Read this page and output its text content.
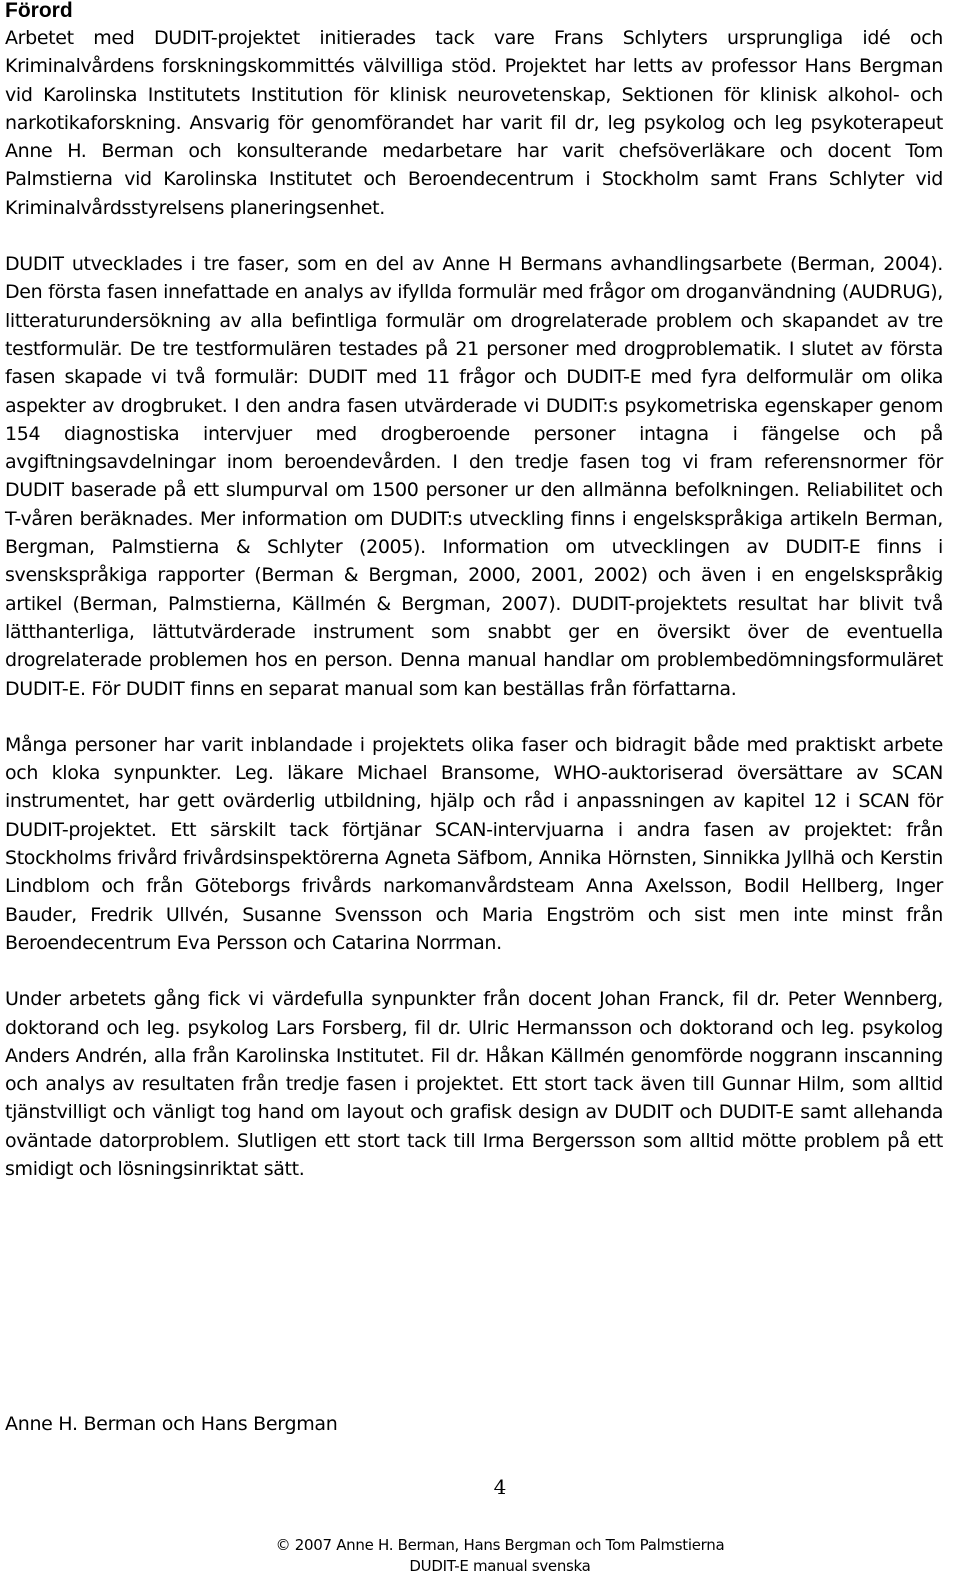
Förord

Arbetet med DUDIT-projektet initierades tack vare Frans Schlyters ursprungliga idé och Kriminalvårdens forskningskommittés välvilliga stöd. Projektet har letts av professor Hans Bergman vid Karolinska Institutets Institution för klinisk neurovetenskap, Sektionen för klinisk alkohol- och narkotikaforskning. Ansvarig för genomförandet har varit fil dr, leg psykolog och leg psykoterapeut Anne H. Berman och konsulterande medarbetare har varit chefsöverläkare och docent Tom Palmstierna vid Karolinska Institutet och Beroendecentrum i Stockholm samt Frans Schlyter vid Kriminalvårdsstyrelsens planeringsenhet.

DUDIT utvecklades i tre faser, som en del av Anne H Bermans avhandlingsarbete (Berman, 2004). Den första fasen innefattade en analys av ifyllda formulär med frågor om droganvändning (AUDRUG), litteraturundersökning av alla befintliga formulär om drogrelaterade problem och skapandet av tre testformulär. De tre testformulären testades på 21 personer med drogproblematik. I slutet av första fasen skapade vi två formulär: DUDIT med 11 frågor och DUDIT-E med fyra delformulär om olika aspekter av drogbruket. I den andra fasen utvärderade vi DUDIT:s psykometriska egenskaper genom 154 diagnostiska intervjuer med drogberoende personer intagna i fängelse och på avgiftningsavdelningar inom beroendevården. I den tredje fasen tog vi fram referensnormer för DUDIT baserade på ett slumpurval om 1500 personer ur den allmänna befolkningen. Reliabilitet och T-våren beräknades. Mer information om DUDIT:s utveckling finns i engelskspråkiga artikeln Berman, Bergman, Palmstierna & Schlyter (2005). Information om utvecklingen av DUDIT-E finns i svenskspråkiga rapporter (Berman & Bergman, 2000, 2001, 2002) och även i en engelskspråkig artikel (Berman, Palmstierna, Källmén & Bergman, 2007). DUDIT-projektets resultat har blivit två lätthanterliga, lättutvärderade instrument som snabbt ger en översikt över de eventuella drogrelaterade problemen hos en person. Denna manual handlar om problembedömningsformuläret DUDIT-E. För DUDIT finns en separat manual som kan beställas från författarna.

Många personer har varit inblandade i projektets olika faser och bidragit både med praktiskt arbete och kloka synpunkter. Leg. läkare Michael Bransome, WHO-auktoriserad översättare av SCAN instrumentet, har gett ovärderlig utbildning, hjälp och råd i anpassningen av kapitel 12 i SCAN för DUDIT-projektet. Ett särskilt tack förtjänar SCAN-intervjuarna i andra fasen av projektet: från Stockholms frivård frivårdsinspektörerna Agneta Säfbom, Annika Hörnsten, Sinnikka Jyllhä och Kerstin Lindblom och från Göteborgs frivårds narkomanvårdsteam Anna Axelsson, Bodil Hellberg, Inger Bauder, Fredrik Ullvén, Susanne Svensson och Maria Engström och sist men inte minst från Beroendecentrum Eva Persson och Catarina Norrman.

Under arbetets gång fick vi värdefulla synpunkter från docent Johan Franck, fil dr. Peter Wennberg, doktorand och leg. psykolog Lars Forsberg, fil dr. Ulric Hermansson och doktorand och leg. psykolog Anders Andrén, alla från Karolinska Institutet. Fil dr. Håkan Källmén genomförde noggrann inscanning och analys av resultaten från tredje fasen i projektet. Ett stort tack även till Gunnar Hilm, som alltid tjänstvilligt och vänligt tog hand om layout och grafisk design av DUDIT och DUDIT-E samt allehanda oväntade datorproblem. Slutligen ett stort tack till Irma Bergersson som alltid mötte problem på ett smidigt och lösningsinriktat sätt.

Anne H. Berman och Hans Bergman

4
© 2007 Anne H. Berman, Hans Bergman och Tom Palmstierna
DUDIT-E manual svenska
